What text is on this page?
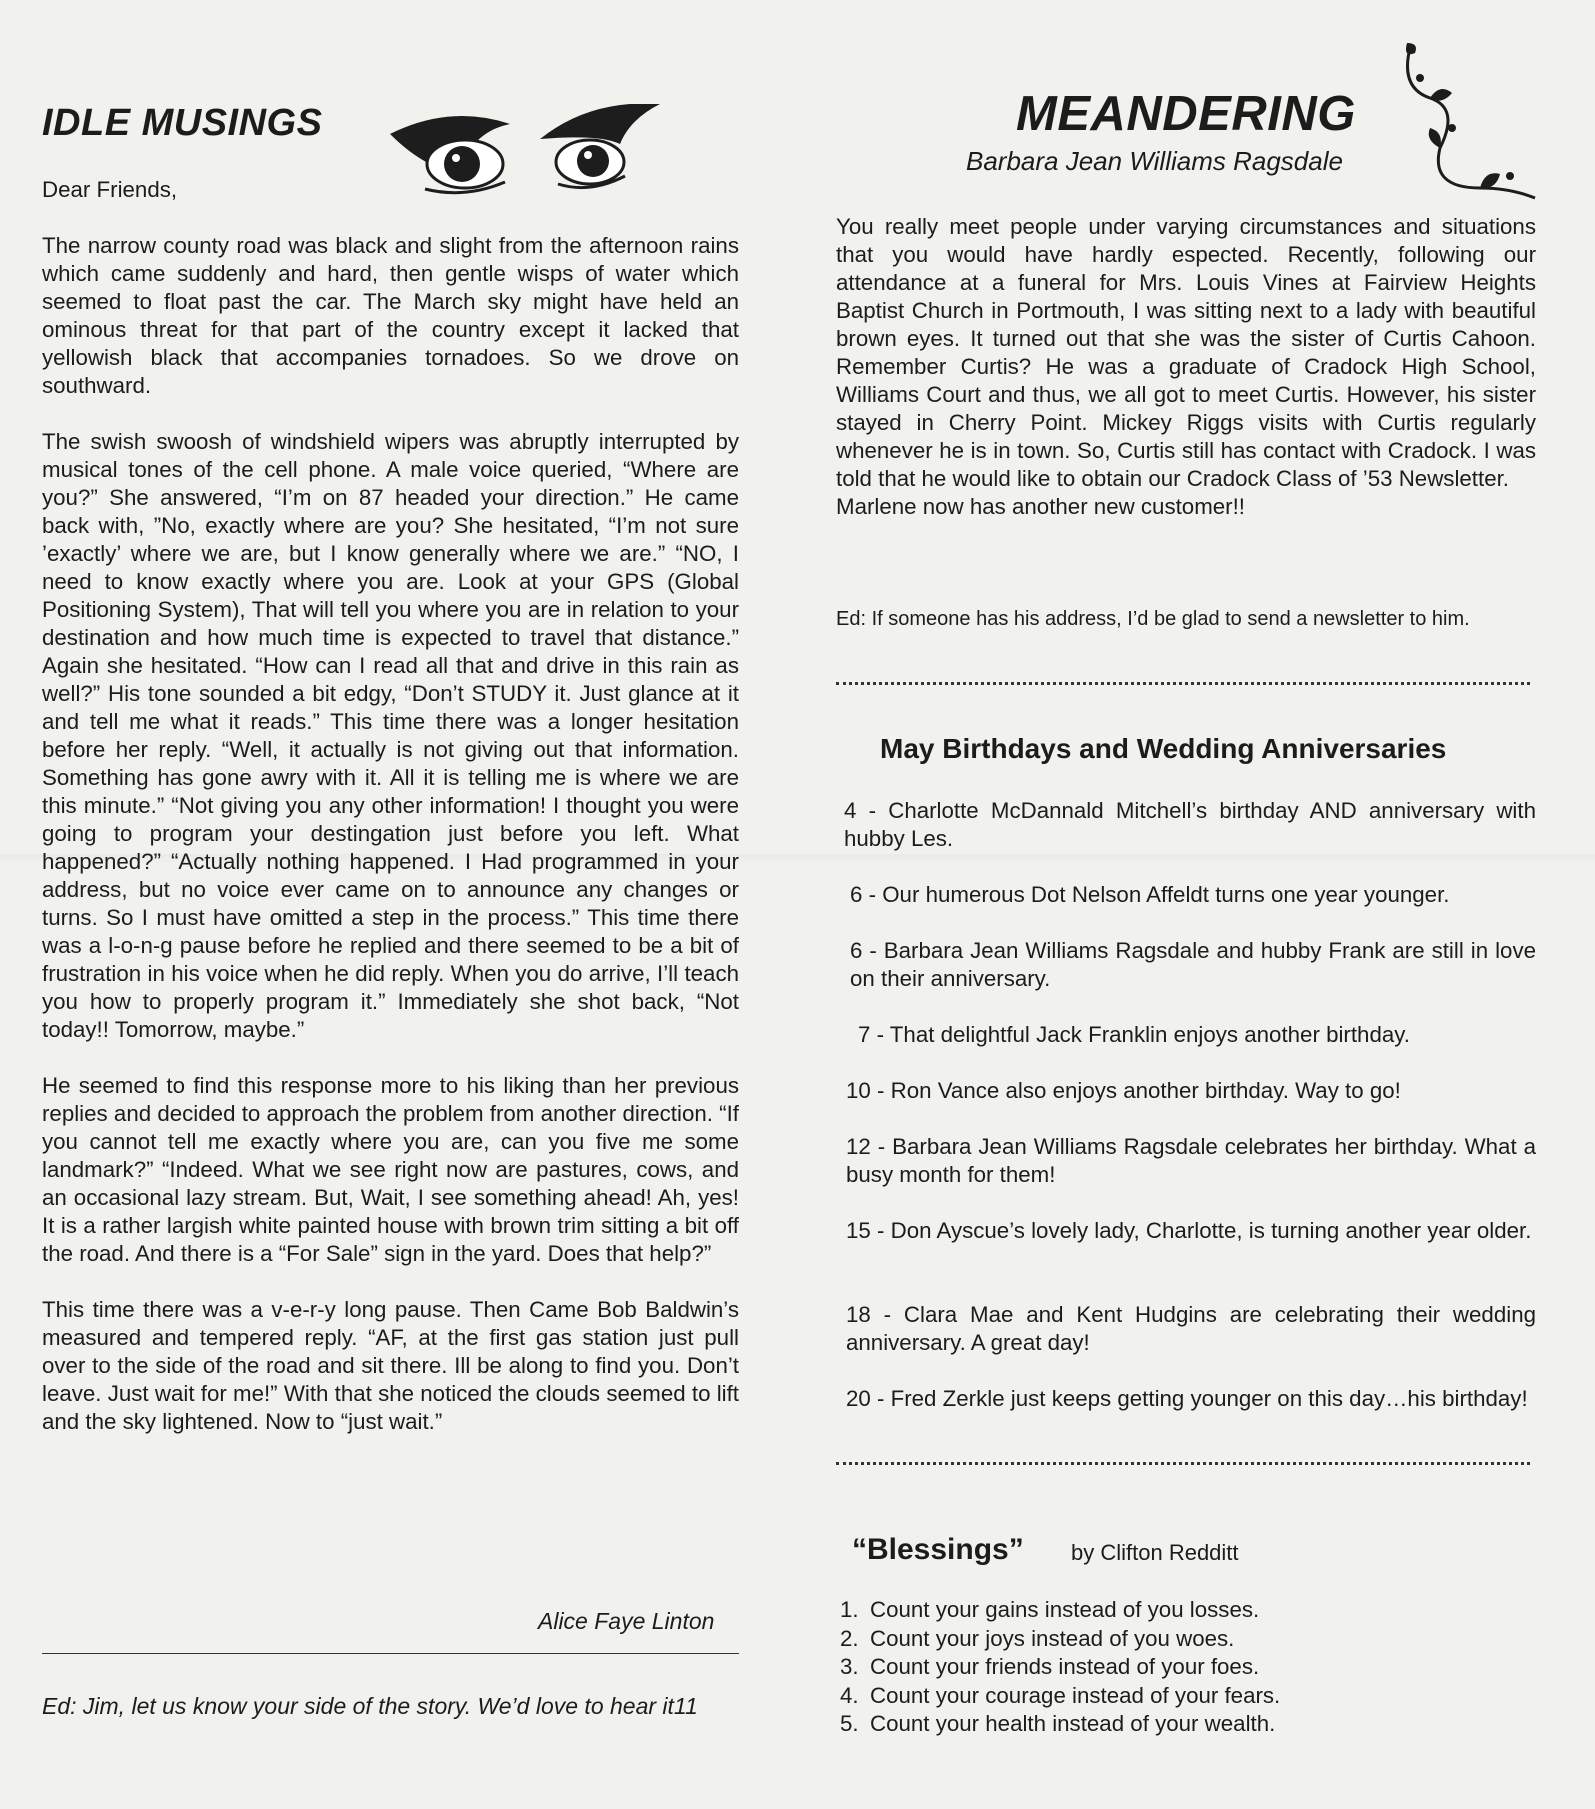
IDLE MUSINGS

Dear Friends,

The narrow county road was black and slight from the afternoon rains which came suddenly and hard, then gentle wisps of water which seemed to float past the car. The March sky might have held an ominous threat for that part of the country except it lacked that yellowish black that accompanies tornadoes. So we drove on southward.

The swish swoosh of windshield wipers was abruptly interrupted by musical tones of the cell phone. A male voice queried, “Where are you?” She answered, “I’m on 87 headed your direction.” He came back with, ”No, exactly where are you? She hesitated, “I’m not sure ’exactly’ where we are, but I know generally where we are.” “NO, I need to know exactly where you are. Look at your GPS (Global Positioning System), That will tell you where you are in relation to your destination and how much time is expected to travel that distance.” Again she hesitated. “How can I read all that and drive in this rain as well?” His tone sounded a bit edgy, “Don’t STUDY it. Just glance at it and tell me what it reads.” This time there was a longer hesitation before her reply. “Well, it actually is not giving out that information. Something has gone awry with it. All it is telling me is where we are this minute.” “Not giving you any other information! I thought you were going to program your destingation just before you left. What happened?” “Actually nothing happened. I Had programmed in your address, but no voice ever came on to announce any changes or turns. So I must have omitted a step in the process.” This time there was a l-o-n-g pause before he replied and there seemed to be a bit of frustration in his voice when he did reply. When you do arrive, I’ll teach you how to properly program it.” Immediately she shot back, “Not today!! Tomorrow, maybe.”

He seemed to find this response more to his liking than her previous replies and decided to approach the problem from another direction. “If you cannot tell me exactly where you are, can you five me some landmark?” “Indeed. What we see right now are pastures, cows, and an occasional lazy stream. But, Wait, I see something ahead! Ah, yes! It is a rather largish white painted house with brown trim sitting a bit off the road. And there is a “For Sale” sign in the yard. Does that help?”

This time there was a v-e-r-y long pause. Then Came Bob Baldwin’s measured and tempered reply. “AF, at the first gas station just pull over to the side of the road and sit there. Ill be along to find you. Don’t leave. Just wait for me!” With that she noticed the clouds seemed to lift and the sky lightened. Now to “just wait.”

Alice Faye Linton
Ed: Jim, let us know your side of the story. We’d love to hear it11
MEANDERING
Barbara Jean Williams Ragsdale

You really meet people under varying circumstances and situations that you would have hardly espected. Recently, following our attendance at a funeral for Mrs. Louis Vines at Fairview Heights Baptist Church in Portmouth, I was sitting next to a lady with beautiful brown eyes. It turned out that she was the sister of Curtis Cahoon. Remember Curtis? He was a graduate of Cradock High School, Williams Court and thus, we all got to meet Curtis. However, his sister stayed in Cherry Point. Mickey Riggs visits with Curtis regularly whenever he is in town. So, Curtis still has contact with Cradock. I was told that he would like to obtain our Cradock Class of ’53 Newsletter.

Marlene now has another new customer!!

Ed: If someone has his address, I’d be glad to send a newsletter to him.
May Birthdays and Wedding Anniversaries
4 - Charlotte McDannald Mitchell’s birthday AND anniversary with hubby Les.
6 - Our humerous Dot Nelson Affeldt turns one year younger.
6 - Barbara Jean Williams Ragsdale and hubby Frank are still in love on their anniversary.
7 - That delightful Jack Franklin enjoys another birthday.
10 - Ron Vance also enjoys another birthday. Way to go!
12 - Barbara Jean Williams Ragsdale celebrates her birthday. What a busy month for them!
15 - Don Ayscue’s lovely lady, Charlotte, is turning another year older.
18 - Clara Mae and Kent Hudgins are celebrating their wedding anniversary. A great day!
20 - Fred Zerkle just keeps getting younger on this day…his birthday!
“Blessings” by Clifton Redditt
1. Count your gains instead of you losses.
2. Count your joys instead of you woes.
3. Count your friends instead of your foes.
4. Count your courage instead of your fears.
5. Count your health instead of your wealth.
